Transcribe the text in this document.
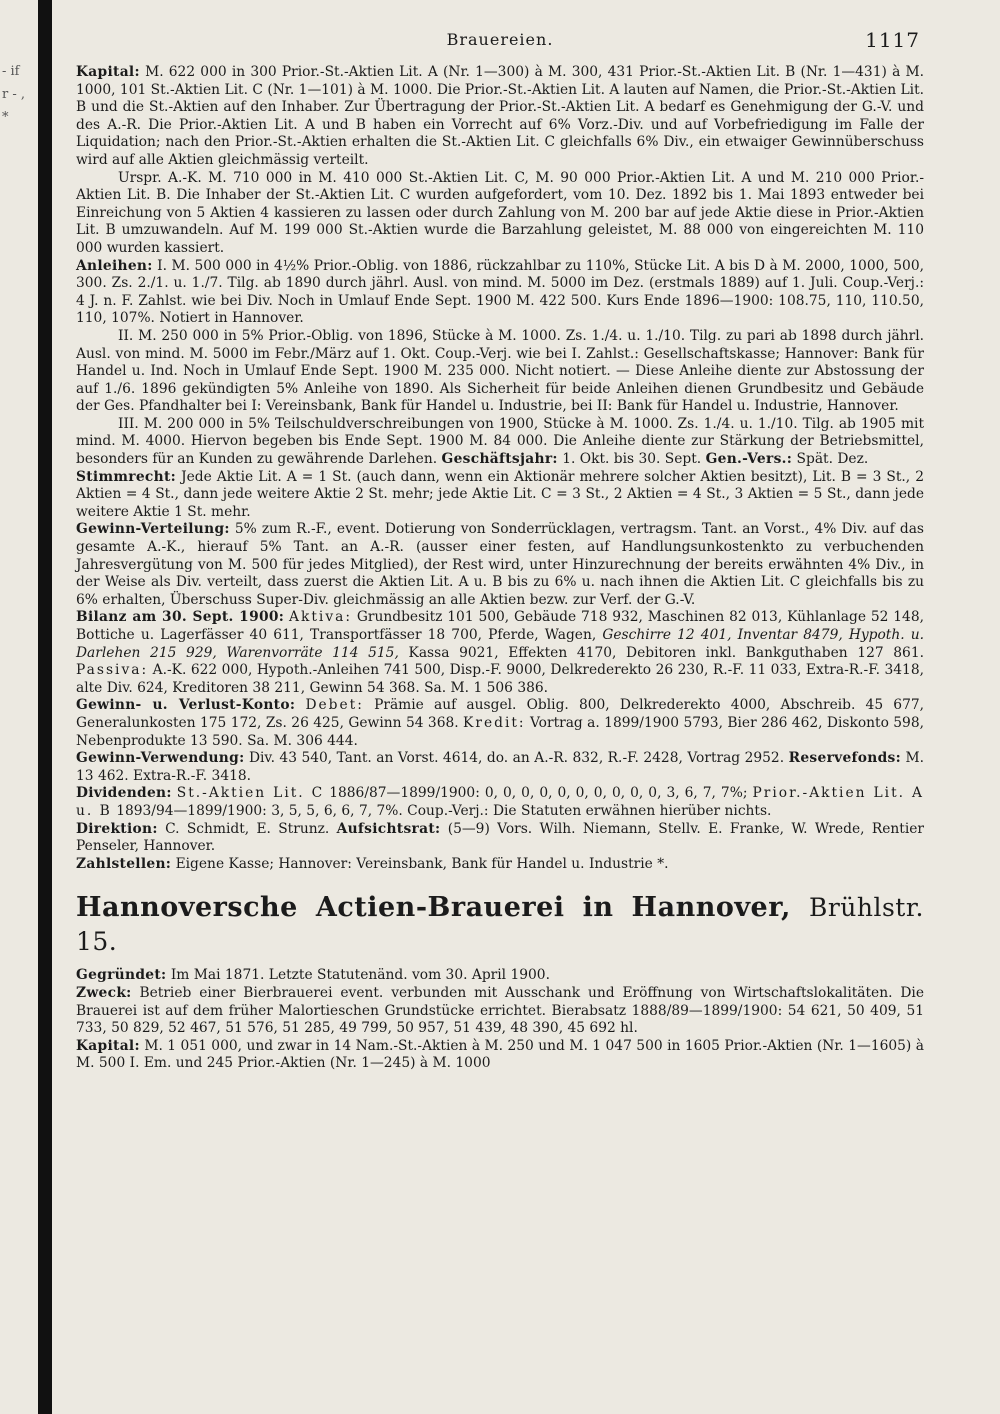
- if r - , *
Brauereien.	1117

Kapital: M. 622 000 in 300 Prior.-St.-Aktien Lit. A (Nr. 1—300) à M. 300, 431 Prior.-St.-Aktien Lit. B (Nr. 1—431) à M. 1000, 101 St.-Aktien Lit. C (Nr. 1—101) à M. 1000. Die Prior.-St.-Aktien Lit. A lauten auf Namen, die Prior.-St.-Aktien Lit. B und die St.-Aktien auf den Inhaber. Zur Übertragung der Prior.-St.-Aktien Lit. A bedarf es Genehmigung der G.-V. und des A.-R. Die Prior.-Aktien Lit. A und B haben ein Vorrecht auf 6% Vorz.-Div. und auf Vorbefriedigung im Falle der Liquidation; nach den Prior.-St.-Aktien erhalten die St.-Aktien Lit. C gleichfalls 6% Div., ein etwaiger Gewinnüberschuss wird auf alle Aktien gleichmässig verteilt.

Urspr. A.-K. M. 710 000 in M. 410 000 St.-Aktien Lit. C, M. 90 000 Prior.-Aktien Lit. A und M. 210 000 Prior.-Aktien Lit. B. Die Inhaber der St.-Aktien Lit. C wurden aufgefordert, vom 10. Dez. 1892 bis 1. Mai 1893 entweder bei Einreichung von 5 Aktien 4 kassieren zu lassen oder durch Zahlung von M. 200 bar auf jede Aktie diese in Prior.-Aktien Lit. B umzuwandeln. Auf M. 199 000 St.-Aktien wurde die Barzahlung geleistet, M. 88 000 von eingereichten M. 110 000 wurden kassiert.

Anleihen: I. M. 500 000 in 4½% Prior.-Oblig. von 1886, rückzahlbar zu 110%, Stücke Lit. A bis D à M. 2000, 1000, 500, 300. Zs. 2./1. u. 1./7. Tilg. ab 1890 durch jährl. Ausl. von mind. M. 5000 im Dez. (erstmals 1889) auf 1. Juli. Coup.-Verj.: 4 J. n. F. Zahlst. wie bei Div. Noch in Umlauf Ende Sept. 1900 M. 422 500. Kurs Ende 1896—1900: 108.75, 110, 110.50, 110, 107%. Notiert in Hannover.

II. M. 250 000 in 5% Prior.-Oblig. von 1896, Stücke à M. 1000. Zs. 1./4. u. 1./10. Tilg. zu pari ab 1898 durch jährl. Ausl. von mind. M. 5000 im Febr./März auf 1. Okt. Coup.-Verj. wie bei I. Zahlst.: Gesellschaftskasse; Hannover: Bank für Handel u. Ind. Noch in Umlauf Ende Sept. 1900 M. 235 000. Nicht notiert. — Diese Anleihe diente zur Abstossung der auf 1./6. 1896 gekündigten 5% Anleihe von 1890. Als Sicherheit für beide Anleihen dienen Grundbesitz und Gebäude der Ges. Pfandhalter bei I: Vereinsbank, Bank für Handel u. Industrie, bei II: Bank für Handel u. Industrie, Hannover.

III. M. 200 000 in 5% Teilschuldverschreibungen von 1900, Stücke à M. 1000. Zs. 1./4. u. 1./10. Tilg. ab 1905 mit mind. M. 4000. Hiervon begeben bis Ende Sept. 1900 M. 84 000. Die Anleihe diente zur Stärkung der Betriebsmittel, besonders für an Kunden zu gewährende Darlehen. Geschäftsjahr: 1. Okt. bis 30. Sept. Gen.-Vers.: Spät. Dez.

Stimmrecht: Jede Aktie Lit. A = 1 St. (auch dann, wenn ein Aktionär mehrere solcher Aktien besitzt), Lit. B = 3 St., 2 Aktien = 4 St., dann jede weitere Aktie 2 St. mehr; jede Aktie Lit. C = 3 St., 2 Aktien = 4 St., 3 Aktien = 5 St., dann jede weitere Aktie 1 St. mehr.

Gewinn-Verteilung: 5% zum R.-F., event. Dotierung von Sonderrücklagen, vertragsm. Tant. an Vorst., 4% Div. auf das gesamte A.-K., hierauf 5% Tant. an A.-R. (ausser einer festen, auf Handlungsunkostenkto zu verbuchenden Jahresvergütung von M. 500 für jedes Mitglied), der Rest wird, unter Hinzurechnung der bereits erwähnten 4% Div., in der Weise als Div. verteilt, dass zuerst die Aktien Lit. A u. B bis zu 6% u. nach ihnen die Aktien Lit. C gleichfalls bis zu 6% erhalten, Überschuss Super-Div. gleichmässig an alle Aktien bezw. zur Verf. der G.-V.

Bilanz am 30. Sept. 1900: Aktiva: Grundbesitz 101 500, Gebäude 718 932, Maschinen 82 013, Kühlanlage 52 148, Bottiche u. Lagerfässer 40 611, Transportfässer 18 700, Pferde, Wagen, Geschirre 12 401, Inventar 8479, Hypoth. u. Darlehen 215 929, Warenvorräte 114 515, Kassa 9021, Effekten 4170, Debitoren inkl. Bankguthaben 127 861. Passiva: A.-K. 622 000, Hypoth.-Anleihen 741 500, Disp.-F. 9000, Delkrederekto 26 230, R.-F. 11 033, Extra-R.-F. 3418, alte Div. 624, Kreditoren 38 211, Gewinn 54 368. Sa. M. 1 506 386.

Gewinn- u. Verlust-Konto: Debet: Prämie auf ausgel. Oblig. 800, Delkrederekto 4000, Abschreib. 45 677, Generalunkosten 175 172, Zs. 26 425, Gewinn 54 368. Kredit: Vortrag a. 1899/1900 5793, Bier 286 462, Diskonto 598, Nebenprodukte 13 590. Sa. M. 306 444.

Gewinn-Verwendung: Div. 43 540, Tant. an Vorst. 4614, do. an A.-R. 832, R.-F. 2428, Vortrag 2952. Reservefonds: M. 13 462. Extra-R.-F. 3418.

Dividenden: St.-Aktien Lit. C 1886/87—1899/1900: 0, 0, 0, 0, 0, 0, 0, 0, 0, 0, 3, 6, 7, 7%; Prior.-Aktien Lit. A u. B 1893/94—1899/1900: 3, 5, 5, 6, 6, 7, 7%. Coup.-Verj.: Die Statuten erwähnen hierüber nichts.

Direktion: C. Schmidt, E. Strunz. Aufsichtsrat: (5—9) Vors. Wilh. Niemann, Stellv. E. Franke, W. Wrede, Rentier Penseler, Hannover.

Zahlstellen: Eigene Kasse; Hannover: Vereinsbank, Bank für Handel u. Industrie *.

Hannoversche Actien-Brauerei in Hannover, Brühlstr. 15.

Gegründet: Im Mai 1871. Letzte Statutenänd. vom 30. April 1900.

Zweck: Betrieb einer Bierbrauerei event. verbunden mit Ausschank und Eröffnung von Wirtschaftslokalitäten. Die Brauerei ist auf dem früher Malortieschen Grundstücke errichtet. Bierabsatz 1888/89—1899/1900: 54 621, 50 409, 51 733, 50 829, 52 467, 51 576, 51 285, 49 799, 50 957, 51 439, 48 390, 45 692 hl.

Kapital: M. 1 051 000, und zwar in 14 Nam.-St.-Aktien à M. 250 und M. 1 047 500 in 1605 Prior.-Aktien (Nr. 1—1605) à M. 500 I. Em. und 245 Prior.-Aktien (Nr. 1—245) à M. 1000
